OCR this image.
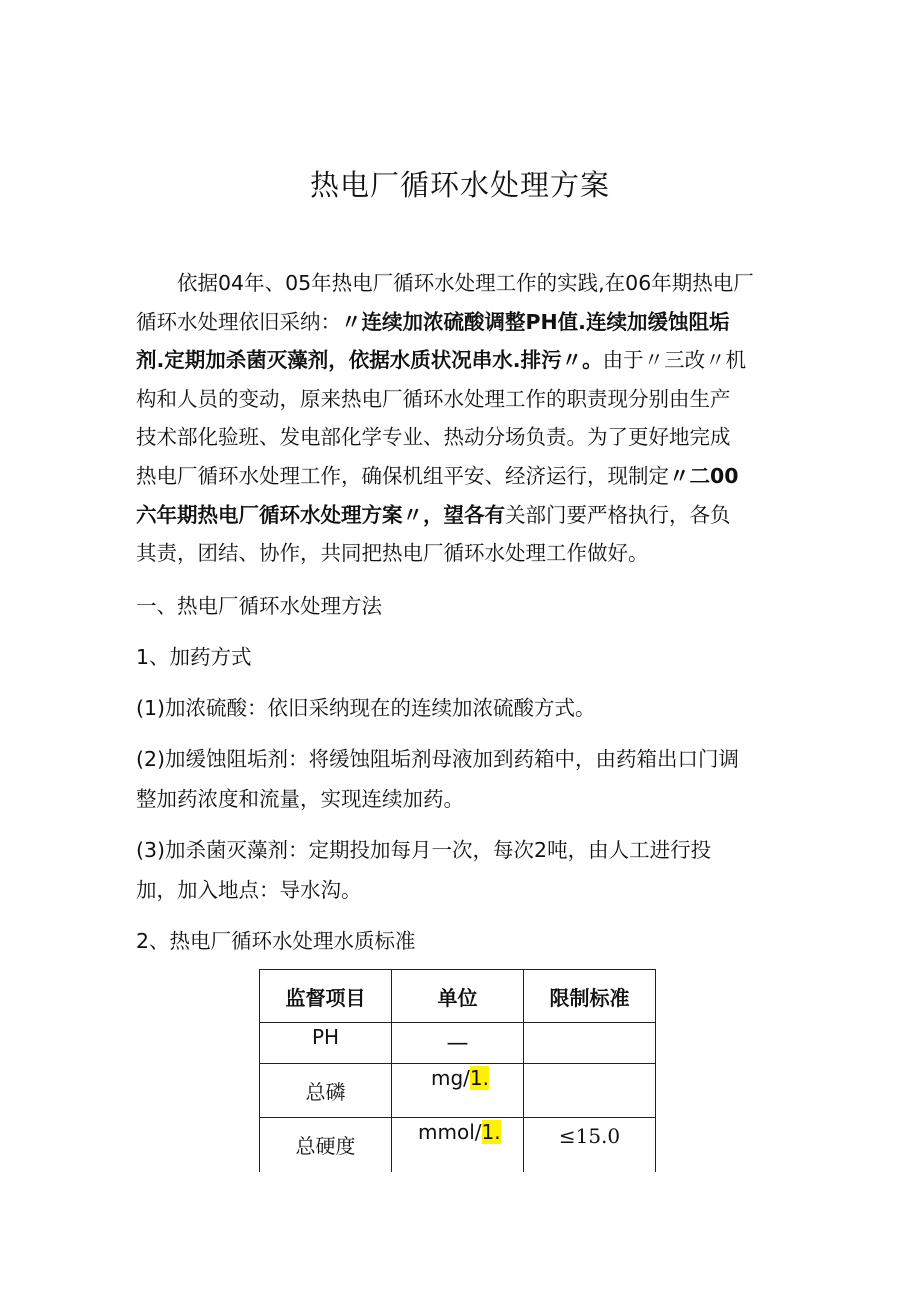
热电厂循环水处理方案
依据04年、05年热电厂循环水处理工作的实践,在06年期热电厂
循环水处理依旧采纳：〃连续加浓硫酸调整PH值.连续加缓蚀阻垢
剂.定期加杀菌灭藻剂，依据水质状况串水.排污〃。由于〃三改〃机
构和人员的变动，原来热电厂循环水处理工作的职责现分别由生产
技术部化验班、发电部化学专业、热动分场负责。为了更好地完成
热电厂循环水处理工作，确保机组平安、经济运行，现制定〃二00
六年期热电厂循环水处理方案〃，望各有关部门要严格执行，各负
其责，团结、协作，共同把热电厂循环水处理工作做好。
一、热电厂循环水处理方法
1、加药方式
(1)加浓硫酸：依旧采纳现在的连续加浓硫酸方式。
(2)加缓蚀阻垢剂：将缓蚀阻垢剂母液加到药箱中，由药箱出口门调
整加药浓度和流量，实现连续加药。
(3)加杀菌灭藻剂：定期投加每月一次，每次2吨，由人工进行投
加，加入地点：导水沟。
2、热电厂循环水处理水质标准
监督项目	单位	限制标准
PH	—	
总磷	mg/1.	
总硬度	mmol/1.	≤15.0
